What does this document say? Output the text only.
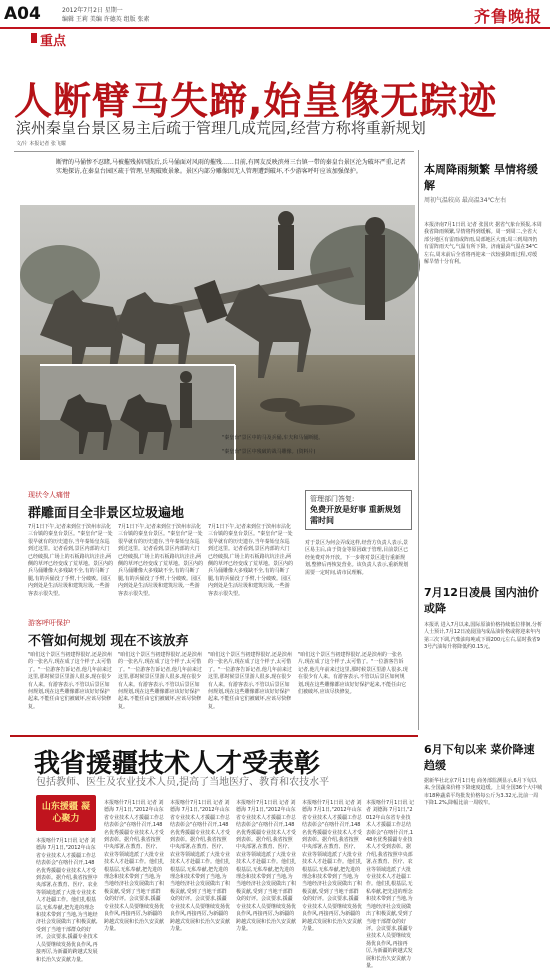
A04	2012年7月2日 星期一
编辑 王莉 美编 许德英 组版 张素	齐鲁晚报
重点
人断臂马失蹄,始皇像无踪迹
滨州秦皇台景区易主后疏于管理几成荒园,经营方称将重新规划
文/片 本报记者 张飞耀
断臂的马俑惨不忍睹,马被摧残掉四肢后,兵马俑面对风雨的摧残……目前,有网友反映滨州三台镇一带的秦皇台景区沦为破坏严重,记者实地探访,在秦皇台园区疏于管理,呈现破败景象。景区内部分雕像因无人管理遭到破坏,不少游客呼吁应该加强保护。
"秦皇台"景区中的马及兵俑,车夫和马俑断腿。
"秦皇台"景区中残破的战马雕像。(资料片)
现状令人痛惜
群雕面目全非景区垃圾遍地
7月1日下午,记者来到位于滨州市沾化三台镇的秦皇台景区。"秦皇台"是一处很早就有的历史遗存,当年秦始皇东巡到过这里。记者看到,景区内部的大门已经破损,广场上的石板路坑坑洼洼,两侧的草坪已经变成了荒草地。景区内的兵马俑雕像大多残缺不全,有的马断了腿,有的兵俑没了手臂,十分破败。园区内到处是生活垃圾和建筑垃圾,一些游客表示很失望。
7月1日下午,记者来到位于滨州市沾化三台镇的秦皇台景区。"秦皇台"是一处很早就有的历史遗存,当年秦始皇东巡到过这里。记者看到,景区内部的大门已经破损,广场上的石板路坑坑洼洼,两侧的草坪已经变成了荒草地。景区内的兵马俑雕像大多残缺不全,有的马断了腿,有的兵俑没了手臂,十分破败。园区内到处是生活垃圾和建筑垃圾,一些游客表示很失望。
7月1日下午,记者来到位于滨州市沾化三台镇的秦皇台景区。"秦皇台"是一处很早就有的历史遗存,当年秦始皇东巡到过这里。记者看到,景区内部的大门已经破损,广场上的石板路坑坑洼洼,两侧的草坪已经变成了荒草地。景区内的兵马俑雕像大多残缺不全,有的马断了腿,有的兵俑没了手臂,十分破败。园区内到处是生活垃圾和建筑垃圾,一些游客表示很失望。
游客呼吁保护
不管如何规划 现在不该放弃
"咱们这个景区当初建得很好,还是滨州的一张名片,现在成了这个样子,太可惜了。"一位游客告诉记者,他几年前来过这里,那时候景区里游人很多,现在很少有人来。有游客表示,不管以后景区如何规划,现在这些雕像都应该好好保护起来,不能任由它们被破坏,应该尽快修复。
"咱们这个景区当初建得很好,还是滨州的一张名片,现在成了这个样子,太可惜了。"一位游客告诉记者,他几年前来过这里,那时候景区里游人很多,现在很少有人来。有游客表示,不管以后景区如何规划,现在这些雕像都应该好好保护起来,不能任由它们被破坏,应该尽快修复。
"咱们这个景区当初建得很好,还是滨州的一张名片,现在成了这个样子,太可惜了。"一位游客告诉记者,他几年前来过这里,那时候景区里游人很多,现在很少有人来。有游客表示,不管以后景区如何规划,现在这些雕像都应该好好保护起来,不能任由它们被破坏,应该尽快修复。
"咱们这个景区当初建得很好,还是滨州的一张名片,现在成了这个样子,太可惜了。"一位游客告诉记者,他几年前来过这里,那时候景区里游人很多,现在很少有人来。有游客表示,不管以后景区如何规划,现在这些雕像都应该好好保护起来,不能任由它们被破坏,应该尽快修复。
管理部门答复:
免费开放是好事 重新规划需时间
对于景区为何会弄成这样,经营方负责人表示,景区易主后,由于资金等原因疏于管理,目前景区已经免费对外开放。下一步将对景区进行重新规划,整修后再恢复营业。该负责人表示,重新规划需要一定时间,请市民理解。
本周降雨频繁 旱情将缓解
周初气温较高 最高温34℃左右
本报济南7月1日讯 记者 张国庆 据省气象台预报,本周我省降雨频繁,旱情将得到缓解。周一到周二,全省大部分地区有雷雨或阵雨,局部地区大雨;周三到周四仍有雷阵雨天气,气温有所下降。济南最高气温在34℃左右,周末前后全省将再迎来一次较强降雨过程,对缓解旱情十分有利。
7月12日凌晨 国内油价或降
本报讯 进入7月以来,国际原油价格持续低位徘徊,分析人士预计,7月12日凌晨国内成品油价格或将迎来年内第三次下调,汽柴油每吨或下调200元左右,届时我省93号汽油每升将降低约0.15元。
6月下旬以来 菜价降速趋缓
据新华社北京7月1日电 商务部监测显示,6月下旬以来,全国蔬菜价格下降速度趋缓。上周全国36个大中城市18种蔬菜平均批发价格每公斤为3.32元,比前一周下降1.2%,降幅比前一周收窄。
我省援疆技术人才受表彰
包括教师、医生及农业技术人员,提高了当地医疗、教育和农技水平
山东援疆 凝心聚力
本报喀什7月1日讯 记者 刘德海 7月1日,"2012年山东省专业技术人才援疆工作总结表彰会"在喀什召开,148名优秀援疆专业技术人才受到表彰。据介绍,我省按照中央部署,在教育、医疗、农业等领域选派了大批专业技术人才赴疆工作。他们扎根基层,无私奉献,把先进的理念和技术带到了当地,为当地经济社会发展做出了积极贡献,受到了当地干部群众的好评。会议要求,援疆专业技术人员要继续发扬优良作风,再接再厉,为新疆的跨越式发展和长治久安贡献力量。
本报喀什7月1日讯 记者 刘德海 7月1日,"2012年山东省专业技术人才援疆工作总结表彰会"在喀什召开,148名优秀援疆专业技术人才受到表彰。据介绍,我省按照中央部署,在教育、医疗、农业等领域选派了大批专业技术人才赴疆工作。他们扎根基层,无私奉献,把先进的理念和技术带到了当地,为当地经济社会发展做出了积极贡献,受到了当地干部群众的好评。会议要求,援疆专业技术人员要继续发扬优良作风,再接再厉,为新疆的跨越式发展和长治久安贡献力量。
本报喀什7月1日讯 记者 刘德海 7月1日,"2012年山东省专业技术人才援疆工作总结表彰会"在喀什召开,148名优秀援疆专业技术人才受到表彰。据介绍,我省按照中央部署,在教育、医疗、农业等领域选派了大批专业技术人才赴疆工作。他们扎根基层,无私奉献,把先进的理念和技术带到了当地,为当地经济社会发展做出了积极贡献,受到了当地干部群众的好评。会议要求,援疆专业技术人员要继续发扬优良作风,再接再厉,为新疆的跨越式发展和长治久安贡献力量。
本报喀什7月1日讯 记者 刘德海 7月1日,"2012年山东省专业技术人才援疆工作总结表彰会"在喀什召开,148名优秀援疆专业技术人才受到表彰。据介绍,我省按照中央部署,在教育、医疗、农业等领域选派了大批专业技术人才赴疆工作。他们扎根基层,无私奉献,把先进的理念和技术带到了当地,为当地经济社会发展做出了积极贡献,受到了当地干部群众的好评。会议要求,援疆专业技术人员要继续发扬优良作风,再接再厉,为新疆的跨越式发展和长治久安贡献力量。
本报喀什7月1日讯 记者 刘德海 7月1日,"2012年山东省专业技术人才援疆工作总结表彰会"在喀什召开,148名优秀援疆专业技术人才受到表彰。据介绍,我省按照中央部署,在教育、医疗、农业等领域选派了大批专业技术人才赴疆工作。他们扎根基层,无私奉献,把先进的理念和技术带到了当地,为当地经济社会发展做出了积极贡献,受到了当地干部群众的好评。会议要求,援疆专业技术人员要继续发扬优良作风,再接再厉,为新疆的跨越式发展和长治久安贡献力量。
本报喀什7月1日讯 记者 刘德海 7月1日,"2012年山东省专业技术人才援疆工作总结表彰会"在喀什召开,148名优秀援疆专业技术人才受到表彰。据介绍,我省按照中央部署,在教育、医疗、农业等领域选派了大批专业技术人才赴疆工作。他们扎根基层,无私奉献,把先进的理念和技术带到了当地,为当地经济社会发展做出了积极贡献,受到了当地干部群众的好评。会议要求,援疆专业技术人员要继续发扬优良作风,再接再厉,为新疆的跨越式发展和长治久安贡献力量。
